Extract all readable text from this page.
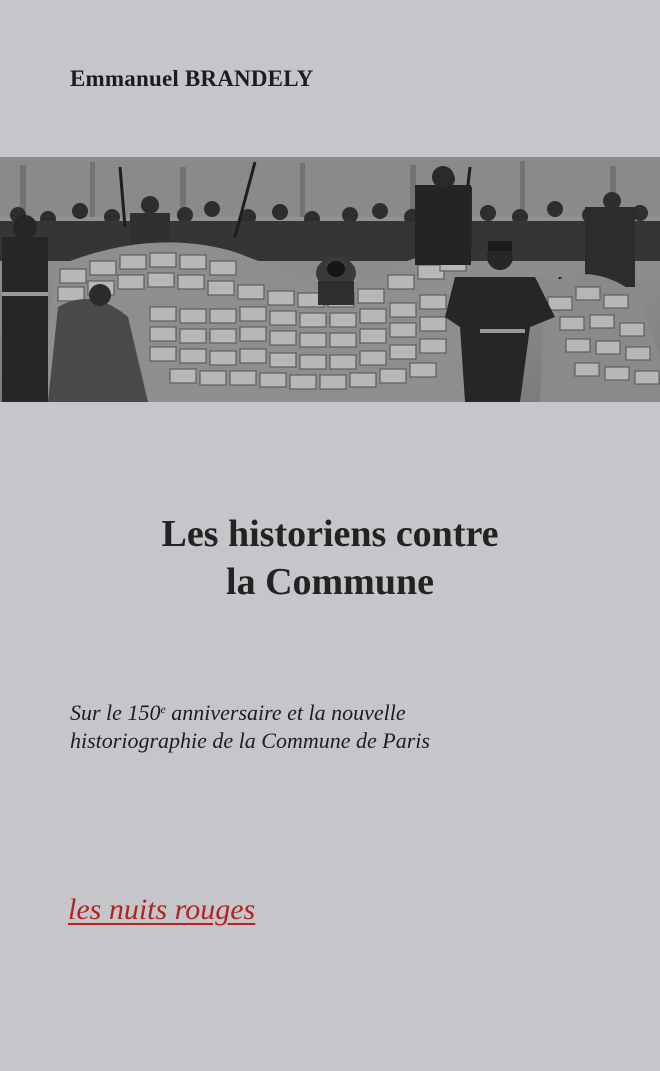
Emmanuel BRANDELY
Les historiens contre
la Commune
Sur le 150e anniversaire et la nouvelle
historiographie de la Commune de Paris
les nuits rouges
